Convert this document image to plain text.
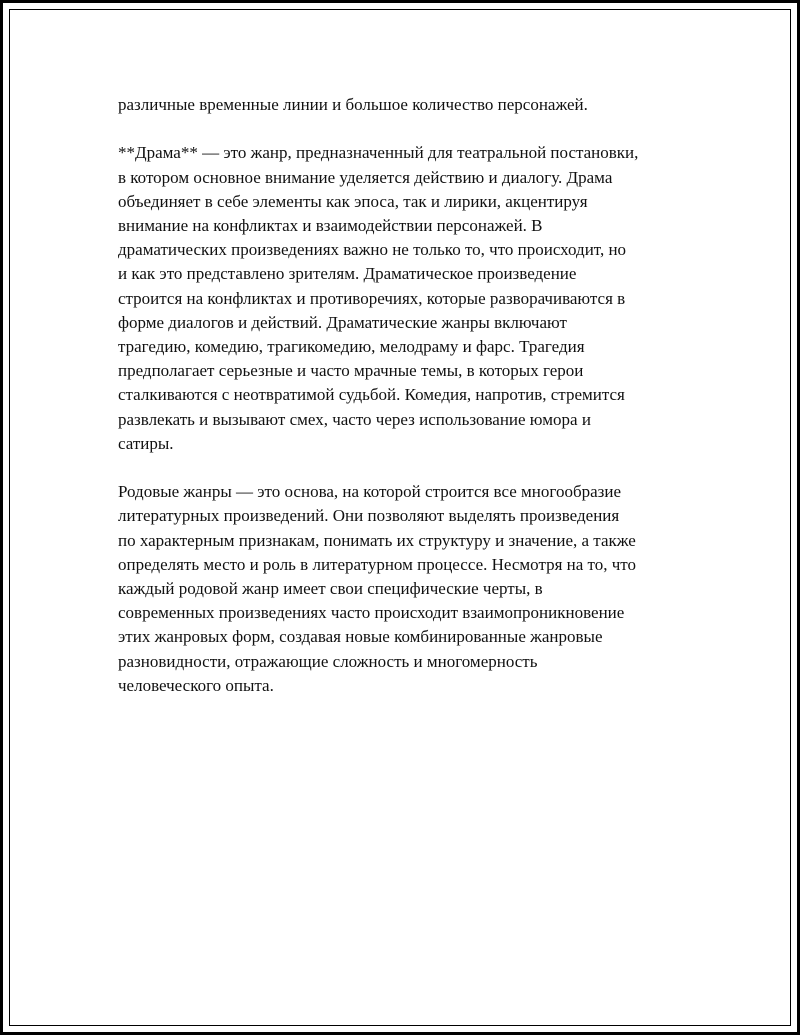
различные временные линии и большое количество персонажей.

**Драма** — это жанр, предназначенный для театральной постановки,
в котором основное внимание уделяется действию и диалогу. Драма
объединяет в себе элементы как эпоса, так и лирики, акцентируя
внимание на конфликтах и взаимодействии персонажей. В
драматических произведениях важно не только то, что происходит, но
и как это представлено зрителям. Драматическое произведение
строится на конфликтах и противоречиях, которые разворачиваются в
форме диалогов и действий. Драматические жанры включают
трагедию, комедию, трагикомедию, мелодраму и фарс. Трагедия
предполагает серьезные и часто мрачные темы, в которых герои
сталкиваются с неотвратимой судьбой. Комедия, напротив, стремится
развлекать и вызывают смех, часто через использование юмора и
сатиры.

Родовые жанры — это основа, на которой строится все многообразие
литературных произведений. Они позволяют выделять произведения
по характерным признакам, понимать их структуру и значение, а также
определять место и роль в литературном процессе. Несмотря на то, что
каждый родовой жанр имеет свои специфические черты, в
современных произведениях часто происходит взаимопроникновение
этих жанровых форм, создавая новые комбинированные жанровые
разновидности, отражающие сложность и многомерность
человеческого опыта.
